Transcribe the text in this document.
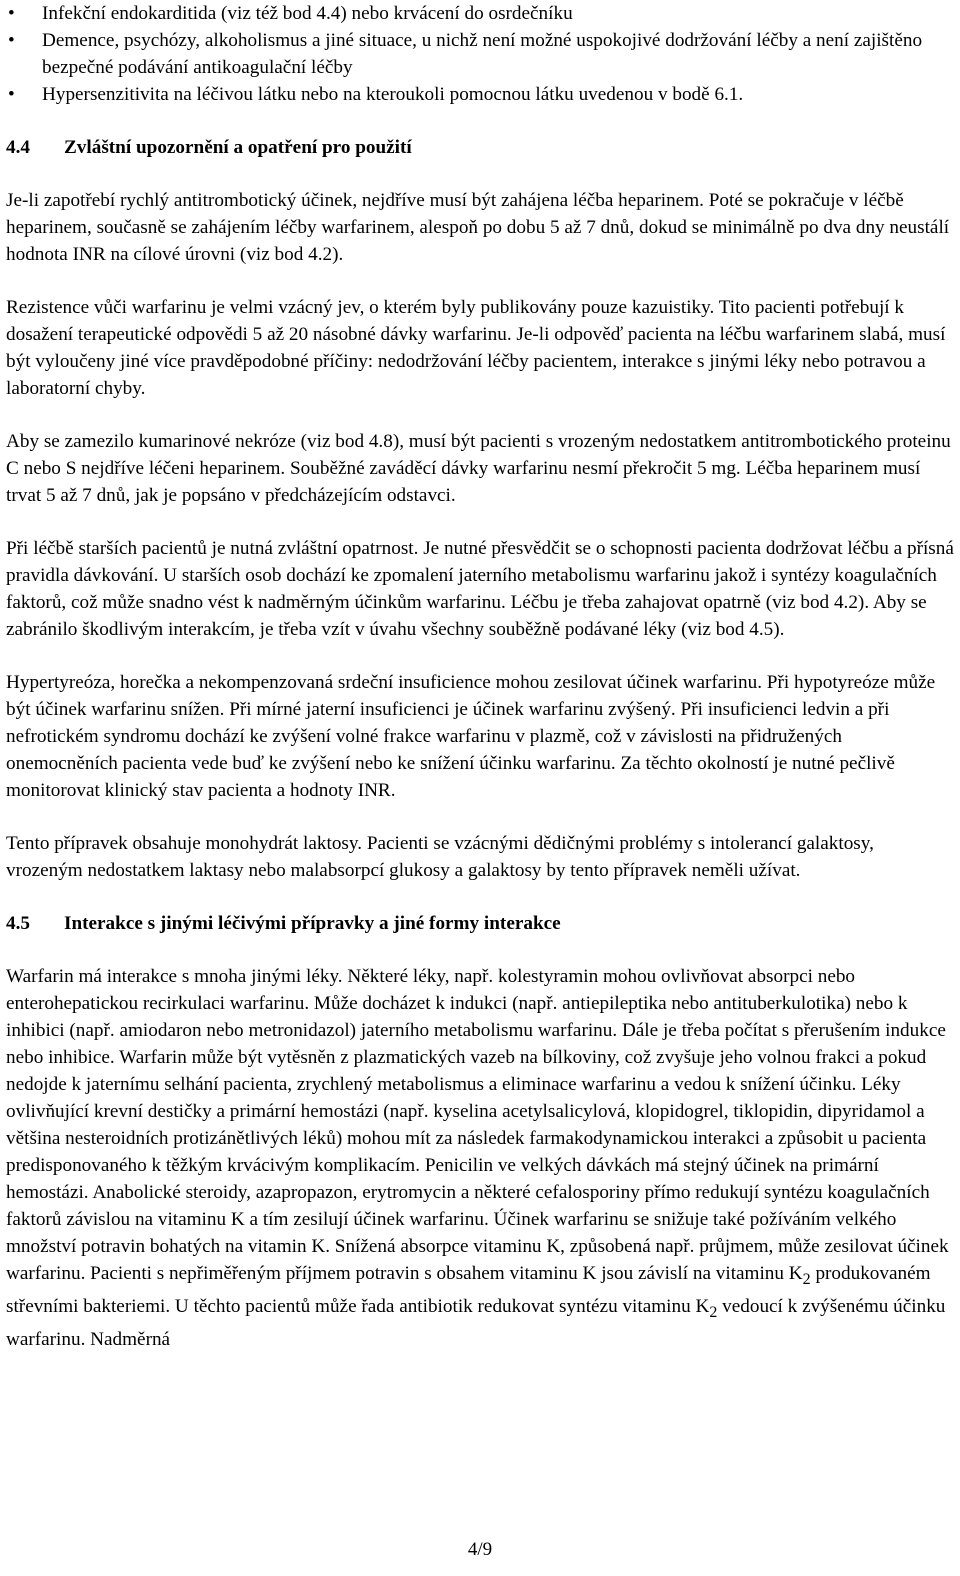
•	Infekční endokarditida (viz též bod 4.4) nebo krvácení do osrdečníku
•	Demence, psychózy, alkoholismus a jiné situace, u nichž není možné uspokojivé dodržování léčby a není zajištěno bezpečné podávání antikoagulační léčby
•	Hypersenzitivita na léčivou látku nebo na kteroukoli pomocnou látku uvedenou v bodě 6.1.
4.4	Zvláštní upozornění a opatření pro použití

Je-li zapotřebí rychlý antitrombotický účinek, nejdříve musí být zahájena léčba heparinem. Poté se pokračuje v léčbě heparinem, současně se zahájením léčby warfarinem, alespoň po dobu 5 až 7 dnů, dokud se minimálně po dva dny neustálí hodnota INR na cílové úrovni (viz bod 4.2).

Rezistence vůči warfarinu je velmi vzácný jev, o kterém byly publikovány pouze kazuistiky. Tito pacienti potřebují k dosažení terapeutické odpovědi 5 až 20 násobné dávky warfarinu. Je-li odpověď pacienta na léčbu warfarinem slabá, musí být vyloučeny jiné více pravděpodobné příčiny: nedodržování léčby pacientem, interakce s jinými léky nebo potravou a laboratorní chyby.

Aby se zamezilo kumarinové nekróze (viz bod 4.8), musí být pacienti s vrozeným nedostatkem antitrombotického proteinu C nebo S nejdříve léčeni heparinem. Souběžné zaváděcí dávky warfarinu nesmí překročit 5 mg. Léčba heparinem musí trvat 5 až 7 dnů, jak je popsáno v předcházejícím odstavci.

Při léčbě starších pacientů je nutná zvláštní opatrnost. Je nutné přesvědčit se o schopnosti pacienta dodržovat léčbu a přísná pravidla dávkování. U starších osob dochází ke zpomalení jaterního metabolismu warfarinu jakož i syntézy koagulačních faktorů, což může snadno vést k nadměrným účinkům warfarinu. Léčbu je třeba zahajovat opatrně (viz bod 4.2). Aby se zabránilo škodlivým interakcím, je třeba vzít v úvahu všechny souběžně podávané léky (viz bod 4.5).

Hypertyreóza, horečka a nekompenzovaná srdeční insuficience mohou zesilovat účinek warfarinu. Při hypotyreóze může být účinek warfarinu snížen. Při mírné jaterní insuficienci je účinek warfarinu zvýšený. Při insuficienci ledvin a při nefrotickém syndromu dochází ke zvýšení volné frakce warfarinu v plazmě, což v závislosti na přidružených onemocněních pacienta vede buď ke zvýšení nebo ke snížení účinku warfarinu. Za těchto okolností je nutné pečlivě monitorovat klinický stav pacienta a hodnoty INR.

Tento přípravek obsahuje monohydrát laktosy. Pacienti se vzácnými dědičnými problémy s intolerancí galaktosy, vrozeným nedostatkem laktasy nebo malabsorpcí glukosy a galaktosy by tento přípravek neměli užívat.

4.5	Interakce s jinými léčivými přípravky a jiné formy interakce

Warfarin má interakce s mnoha jinými léky. Některé léky, např. kolestyramin mohou ovlivňovat absorpci nebo enterohepatickou recirkulaci warfarinu. Může docházet k indukci (např. antiepileptika nebo antituberkulotika) nebo k inhibici (např. amiodaron nebo metronidazol) jaterního metabolismu warfarinu. Dále je třeba počítat s přerušením indukce nebo inhibice. Warfarin může být vytěsněn z plazmatických vazeb na bílkoviny, což zvyšuje jeho volnou frakci a pokud nedojde k jaternímu selhání pacienta, zrychlený metabolismus a eliminace warfarinu a vedou k snížení účinku. Léky ovlivňující krevní destičky a primární hemostázi (např. kyselina acetylsalicylová, klopidogrel, tiklopidin, dipyridamol a většina nesteroidních protizánětlivých léků) mohou mít za následek farmakodynamickou interakci a způsobit u pacienta predisponovaného k těžkým krvácivým komplikacím. Penicilin ve velkých dávkách má stejný účinek na primární hemostázi. Anabolické steroidy, azapropazon, erytromycin a některé cefalosporiny přímo redukují syntézu koagulačních faktorů závislou na vitaminu K a tím zesilují účinek warfarinu. Účinek warfarinu se snižuje také požíváním velkého množství potravin bohatých na vitamin K. Snížená absorpce vitaminu K, způsobená např. průjmem, může zesilovat účinek warfarinu. Pacienti s nepřiměřeným příjmem potravin s obsahem vitaminu K jsou závislí na vitaminu $K_2$ produkovaném střevními bakteriemi. U těchto pacientů může řada antibiotik redukovat syntézu vitaminu $K_2$ vedoucí k zvýšenému účinku warfarinu. Nadměrná

4/9
